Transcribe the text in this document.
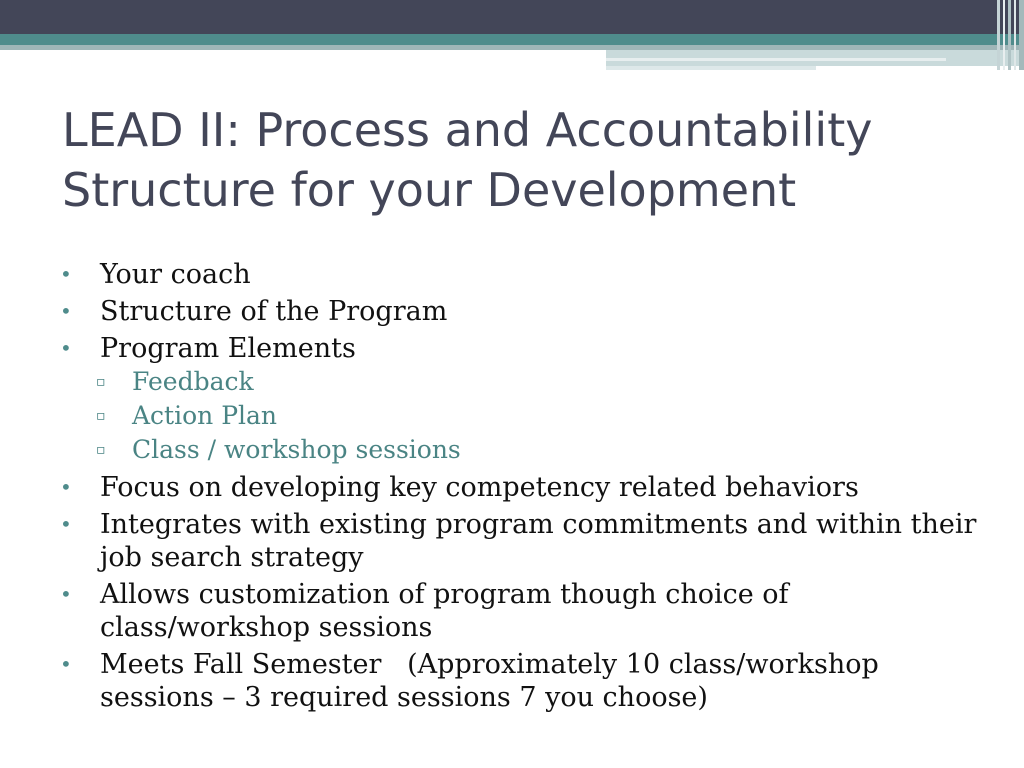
LEAD II: Process and Accountability
Structure for your Development
• Your coach
• Structure of the Program
• Program Elements
▫ Feedback
▫ Action Plan
▫ Class / workshop sessions
• Focus on developing key competency related behaviors
• Integrates with existing program commitments and within their job search strategy
• Allows customization of program though choice of class/workshop sessions
• Meets Fall Semester   (Approximately 10 class/workshop sessions – 3 required sessions 7 you choose)
